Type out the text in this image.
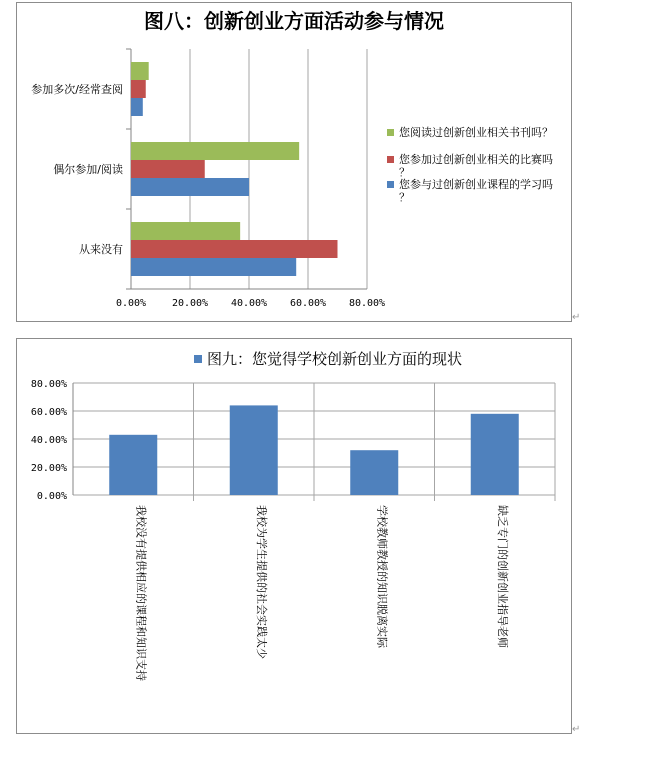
图八：创新创业方面活动参与情况
0.00%	20.00% 40.00% 60.00% 80.00%
参加多次/经常查阅
偶尔参加/阅读
从来没有
您阅读过创新创业相关书刊吗？
您参加过创新创业相关的比赛吗？
您参与过创新创业课程的学习吗？
↵
图九：您觉得学校创新创业方面的现状
0.00%
20.00%
40.00%
60.00%
80.00%
我校没有提供相应的课程和知识支持	我校为学生提供的社会实践太少	学校教师教授的知识脱离实际	缺乏专门的创新创业指导老师
↵
